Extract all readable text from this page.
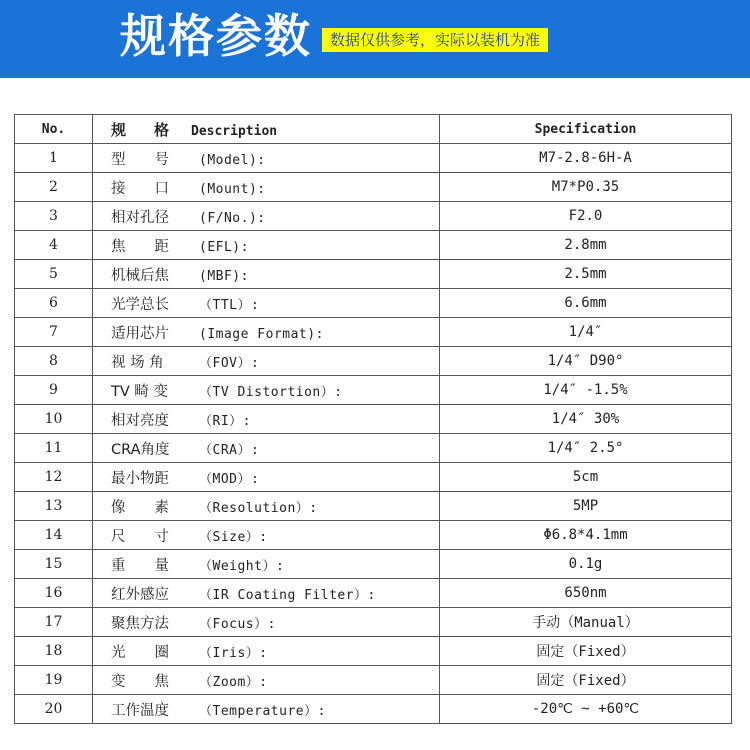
规格参数	数据仅供参考，实际以装机为准
No.	规格Description	Specification
1	型　　号 (Model):	M7-2.8-6H-A
2	接　　口 (Mount):	M7*P0.35
3	相对孔径 (F/No.):	F2.0
4	焦　　距 (EFL):	2.8mm
5	机械后焦 (MBF):	2.5mm
6	光学总长 （TTL）:	6.6mm
7	适用芯片 (Image Format):	1/4″
8	视 场 角 （FOV）:	1/4″ D90°
9	TV 畸 变 （TV Distortion）:	1/4″ -1.5%
10	相对亮度 （RI）:	1/4″ 30%
11	CRA角度 （CRA）:	1/4″ 2.5°
12	最小物距 （MOD）:	5cm
13	像　　素 （Resolution）:	5MP
14	尺　　寸 （Size）:	Φ6.8*4.1mm
15	重　　量 （Weight）:	0.1g
16	红外感应 （IR Coating Filter）:	650nm
17	聚焦方法 （Focus）:	手动（Manual）
18	光　　圈 （Iris）:	固定（Fixed）
19	变　　焦 （Zoom）:	固定（Fixed）
20	工作温度 （Temperature）:	-20℃ ~ +60℃
